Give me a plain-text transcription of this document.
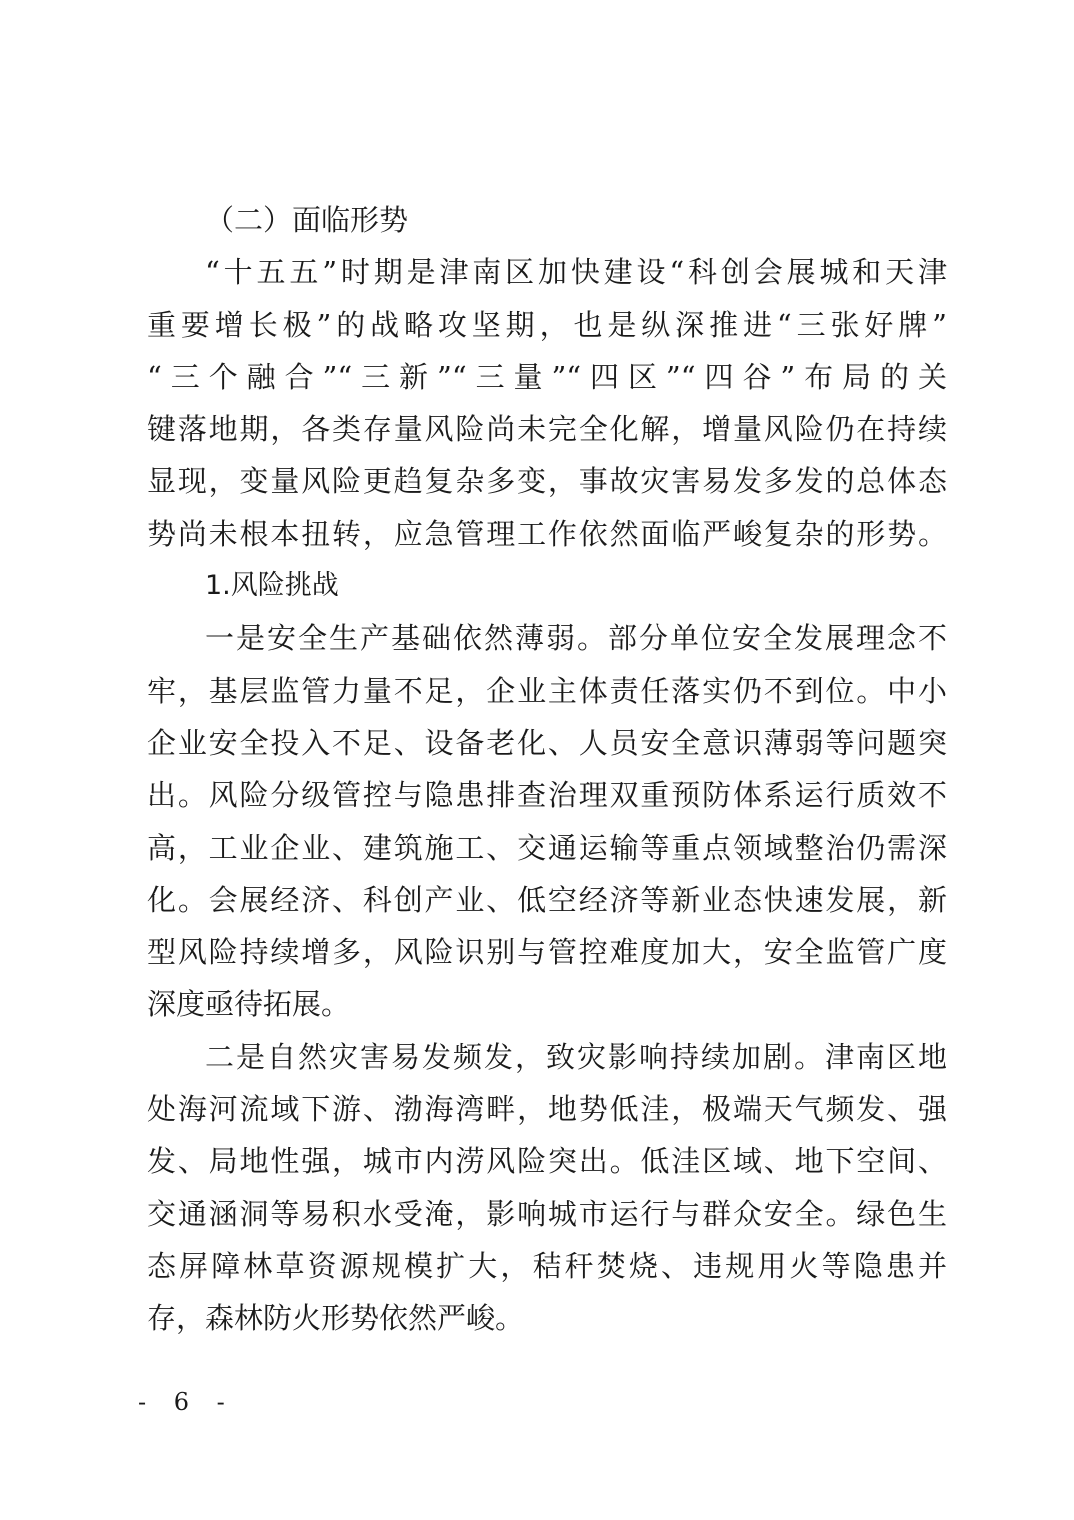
（二）面临形势
“十五五”时期是津南区加快建设“科创会展城和天津
重要增长极”的战略攻坚期，也是纵深推进“三张好牌”
“三个融合”“三新”“三量”“四区”“四谷”布局的关
键落地期，各类存量风险尚未完全化解，增量风险仍在持续
显现，变量风险更趋复杂多变，事故灾害易发多发的总体态
势尚未根本扭转，应急管理工作依然面临严峻复杂的形势。
1.风险挑战
一是安全生产基础依然薄弱。部分单位安全发展理念不
牢，基层监管力量不足，企业主体责任落实仍不到位。中小
企业安全投入不足、设备老化、人员安全意识薄弱等问题突
出。风险分级管控与隐患排查治理双重预防体系运行质效不
高，工业企业、建筑施工、交通运输等重点领域整治仍需深
化。会展经济、科创产业、低空经济等新业态快速发展，新
型风险持续增多，风险识别与管控难度加大，安全监管广度
深度亟待拓展。
二是自然灾害易发频发，致灾影响持续加剧。津南区地
处海河流域下游、渤海湾畔，地势低洼，极端天气频发、强
发、局地性强，城市内涝风险突出。低洼区域、地下空间、
交通涵洞等易积水受淹，影响城市运行与群众安全。绿色生
态屏障林草资源规模扩大，秸秆焚烧、违规用火等隐患并
存，森林防火形势依然严峻。
- 6 -
